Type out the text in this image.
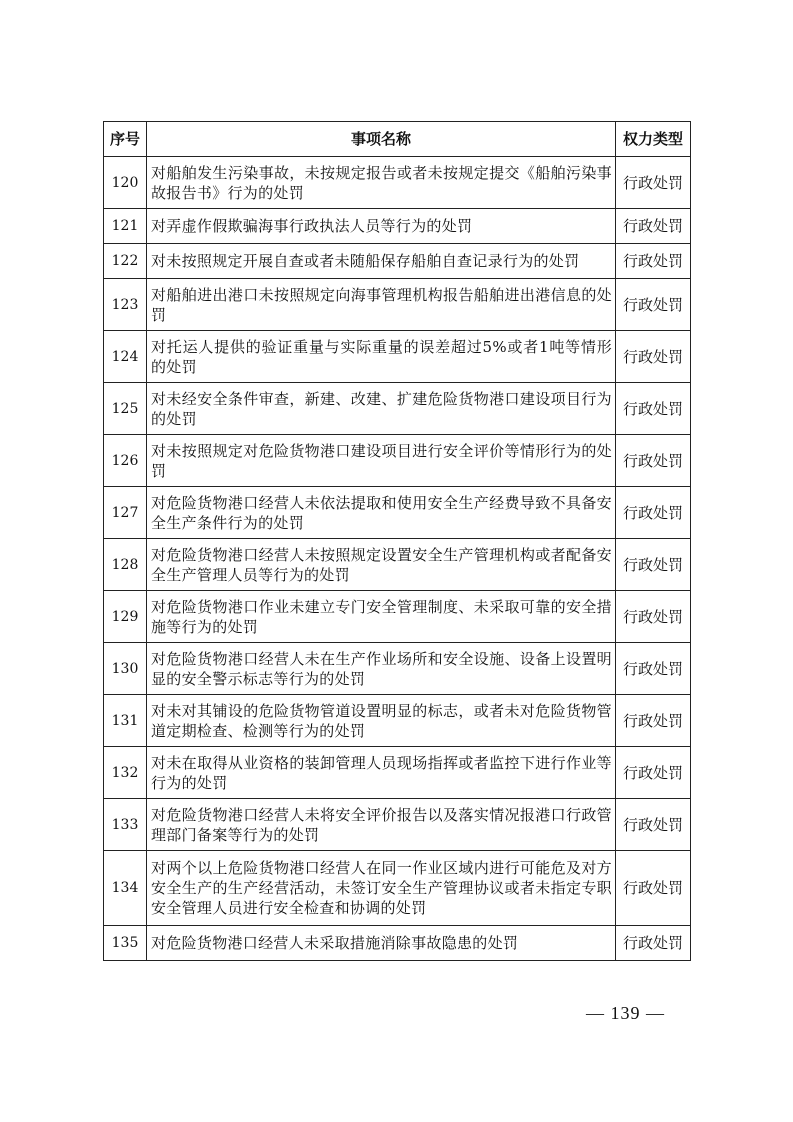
序号	事项名称	权力类型
120	对船舶发生污染事故，未按规定报告或者未按规定提交《船舶污染事故报告书》行为的处罚	行政处罚
121	对弄虚作假欺骗海事行政执法人员等行为的处罚	行政处罚
122	对未按照规定开展自查或者未随船保存船舶自查记录行为的处罚	行政处罚
123	对船舶进出港口未按照规定向海事管理机构报告船舶进出港信息的处罚	行政处罚
124	对托运人提供的验证重量与实际重量的误差超过5%或者1吨等情形的处罚	行政处罚
125	对未经安全条件审查，新建、改建、扩建危险货物港口建设项目行为的处罚	行政处罚
126	对未按照规定对危险货物港口建设项目进行安全评价等情形行为的处罚	行政处罚
127	对危险货物港口经营人未依法提取和使用安全生产经费导致不具备安全生产条件行为的处罚	行政处罚
128	对危险货物港口经营人未按照规定设置安全生产管理机构或者配备安全生产管理人员等行为的处罚	行政处罚
129	对危险货物港口作业未建立专门安全管理制度、未采取可靠的安全措施等行为的处罚	行政处罚
130	对危险货物港口经营人未在生产作业场所和安全设施、设备上设置明显的安全警示标志等行为的处罚	行政处罚
131	对未对其铺设的危险货物管道设置明显的标志，或者未对危险货物管道定期检查、检测等行为的处罚	行政处罚
132	对未在取得从业资格的装卸管理人员现场指挥或者监控下进行作业等行为的处罚	行政处罚
133	对危险货物港口经营人未将安全评价报告以及落实情况报港口行政管理部门备案等行为的处罚	行政处罚
134	对两个以上危险货物港口经营人在同一作业区域内进行可能危及对方安全生产的生产经营活动，未签订安全生产管理协议或者未指定专职安全管理人员进行安全检查和协调的处罚	行政处罚
135	对危险货物港口经营人未采取措施消除事故隐患的处罚	行政处罚
— 139 —
